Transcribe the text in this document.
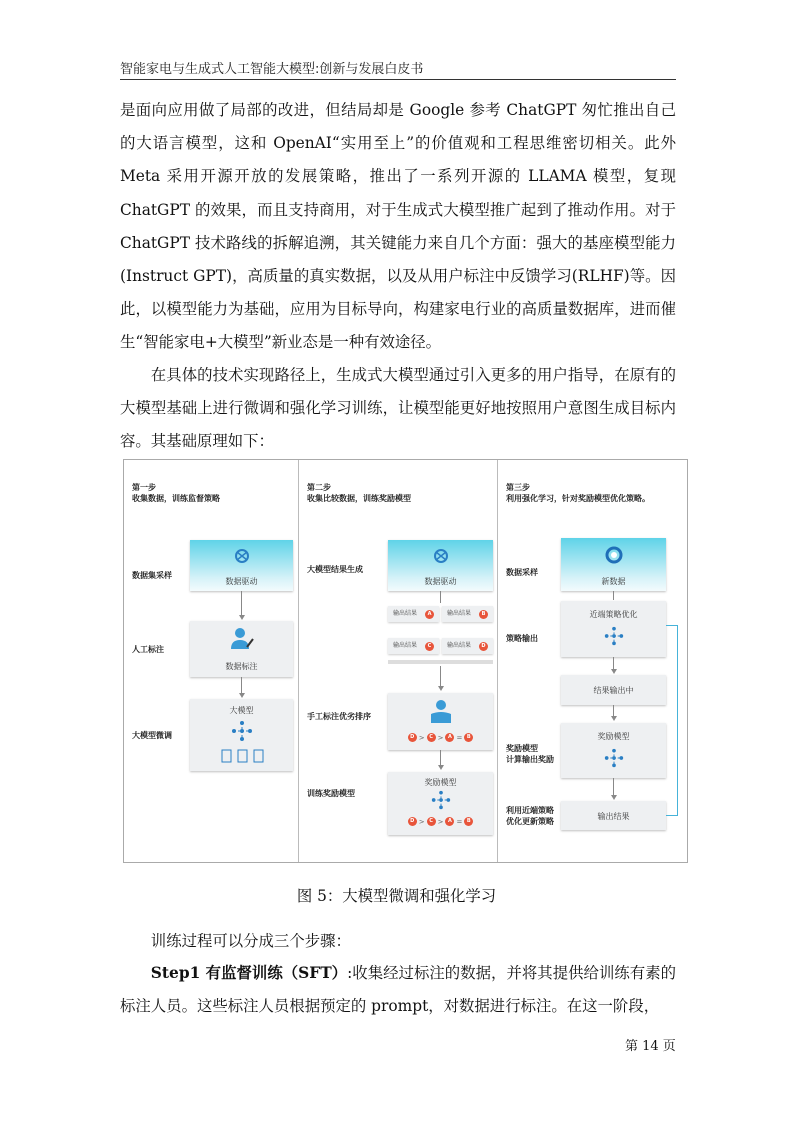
智能家电与生成式人工智能大模型:创新与发展白皮书
是面向应用做了局部的改进，但结局却是 Google 参考 ChatGPT 匆忙推出自己的大语言模型，这和 OpenAI“实用至上”的价值观和工程思维密切相关。此外 Meta 采用开源开放的发展策略，推出了一系列开源的 LLAMA 模型，复现 ChatGPT 的效果，而且支持商用，对于生成式大模型推广起到了推动作用。对于 ChatGPT 技术路线的拆解追溯，其关键能力来自几个方面：强大的基座模型能力(Instruct GPT)，高质量的真实数据，以及从用户标注中反馈学习(RLHF)等。因此，以模型能力为基础，应用为目标导向，构建家电行业的高质量数据库，进而催生“智能家电+大模型”新业态是一种有效途径。
在具体的技术实现路径上，生成式大模型通过引入更多的用户指导，在原有的大模型基础上进行微调和强化学习训练，让模型能更好地按照用户意图生成目标内容。其基础原理如下：
第一步
收集数据，训练监督策略
数据集采样
人工标注
大模型微调
数据驱动
数据标注
大模型
第二步
收集比较数据，训练奖励模型
大模型结果生成
手工标注优劣排序
训练奖励模型
数据驱动
输出结果	A	输出结果	B
输出结果	C	输出结果	D
D > C > A = B
奖励模型
D > C > A = B
第三步
利用强化学习，针对奖励模型优化策略。
数据采样
策略输出
奖励模型
计算输出奖励
利用近端策略
优化更新策略
新数据
近端策略优化
结果输出中
奖励模型
输出结果
图 5：大模型微调和强化学习
训练过程可以分成三个步骤：
Step1 有监督训练（SFT）:收集经过标注的数据，并将其提供给训练有素的标注人员。这些标注人员根据预定的 prompt，对数据进行标注。在这一阶段，
第 14 页
